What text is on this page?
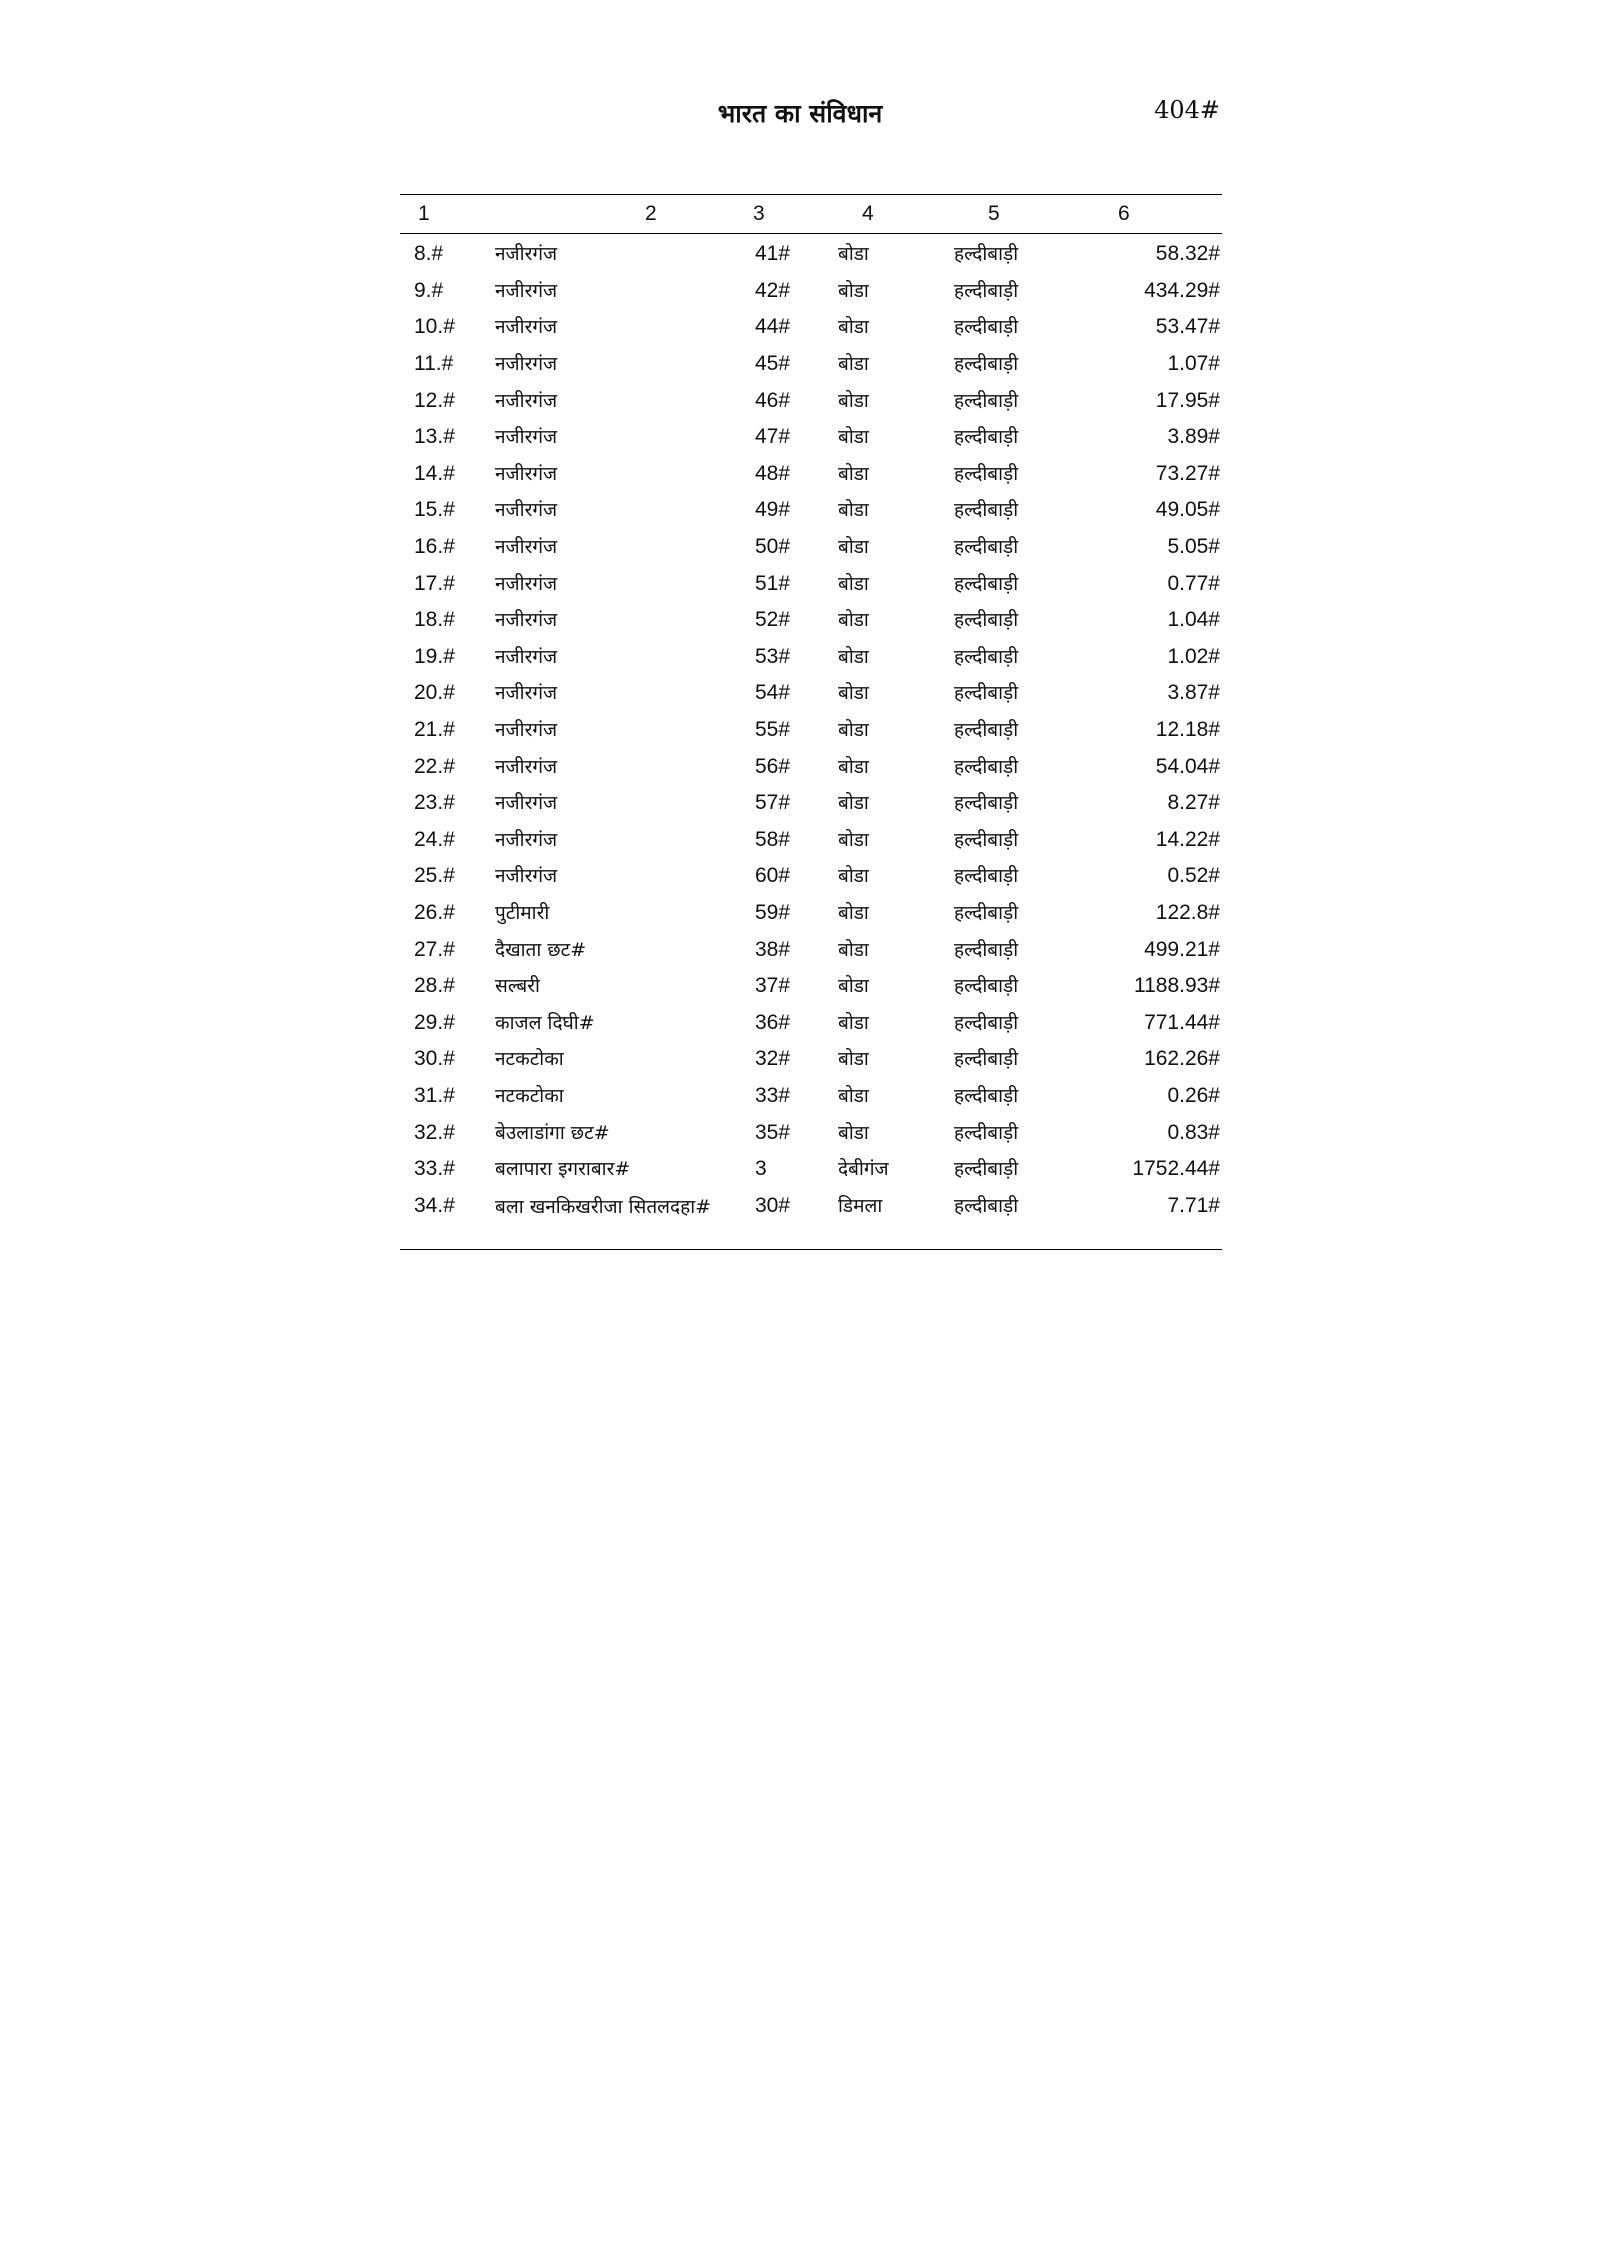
भारत का संविधान	404#
1	2	3	4	5	6
8.#	नजीरगंज	41#	बोडा	हल्दीबाड़ी	58.32#
9.#	नजीरगंज	42#	बोडा	हल्दीबाड़ी	434.29#
10.#	नजीरगंज	44#	बोडा	हल्दीबाड़ी	53.47#
11.#	नजीरगंज	45#	बोडा	हल्दीबाड़ी	1.07#
12.#	नजीरगंज	46#	बोडा	हल्दीबाड़ी	17.95#
13.#	नजीरगंज	47#	बोडा	हल्दीबाड़ी	3.89#
14.#	नजीरगंज	48#	बोडा	हल्दीबाड़ी	73.27#
15.#	नजीरगंज	49#	बोडा	हल्दीबाड़ी	49.05#
16.#	नजीरगंज	50#	बोडा	हल्दीबाड़ी	5.05#
17.#	नजीरगंज	51#	बोडा	हल्दीबाड़ी	0.77#
18.#	नजीरगंज	52#	बोडा	हल्दीबाड़ी	1.04#
19.#	नजीरगंज	53#	बोडा	हल्दीबाड़ी	1.02#
20.#	नजीरगंज	54#	बोडा	हल्दीबाड़ी	3.87#
21.#	नजीरगंज	55#	बोडा	हल्दीबाड़ी	12.18#
22.#	नजीरगंज	56#	बोडा	हल्दीबाड़ी	54.04#
23.#	नजीरगंज	57#	बोडा	हल्दीबाड़ी	8.27#
24.#	नजीरगंज	58#	बोडा	हल्दीबाड़ी	14.22#
25.#	नजीरगंज	60#	बोडा	हल्दीबाड़ी	0.52#
26.#	पुटीमारी	59#	बोडा	हल्दीबाड़ी	122.8#
27.#	दैखाता छट#	38#	बोडा	हल्दीबाड़ी	499.21#
28.#	सल्बरी	37#	बोडा	हल्दीबाड़ी	1188.93#
29.#	काजल दिघी#	36#	बोडा	हल्दीबाड़ी	771.44#
30.#	नटकटोका	32#	बोडा	हल्दीबाड़ी	162.26#
31.#	नटकटोका	33#	बोडा	हल्दीबाड़ी	0.26#
32.#	बेउलाडांगा छट#	35#	बोडा	हल्दीबाड़ी	0.83#
33.#	बलापारा इगराबार#	3	देबीगंज	हल्दीबाड़ी	1752.44#
34.#	बला खनकिखरीजा सितलदहा#	30#	डिमला	हल्दीबाड़ी	7.71#
